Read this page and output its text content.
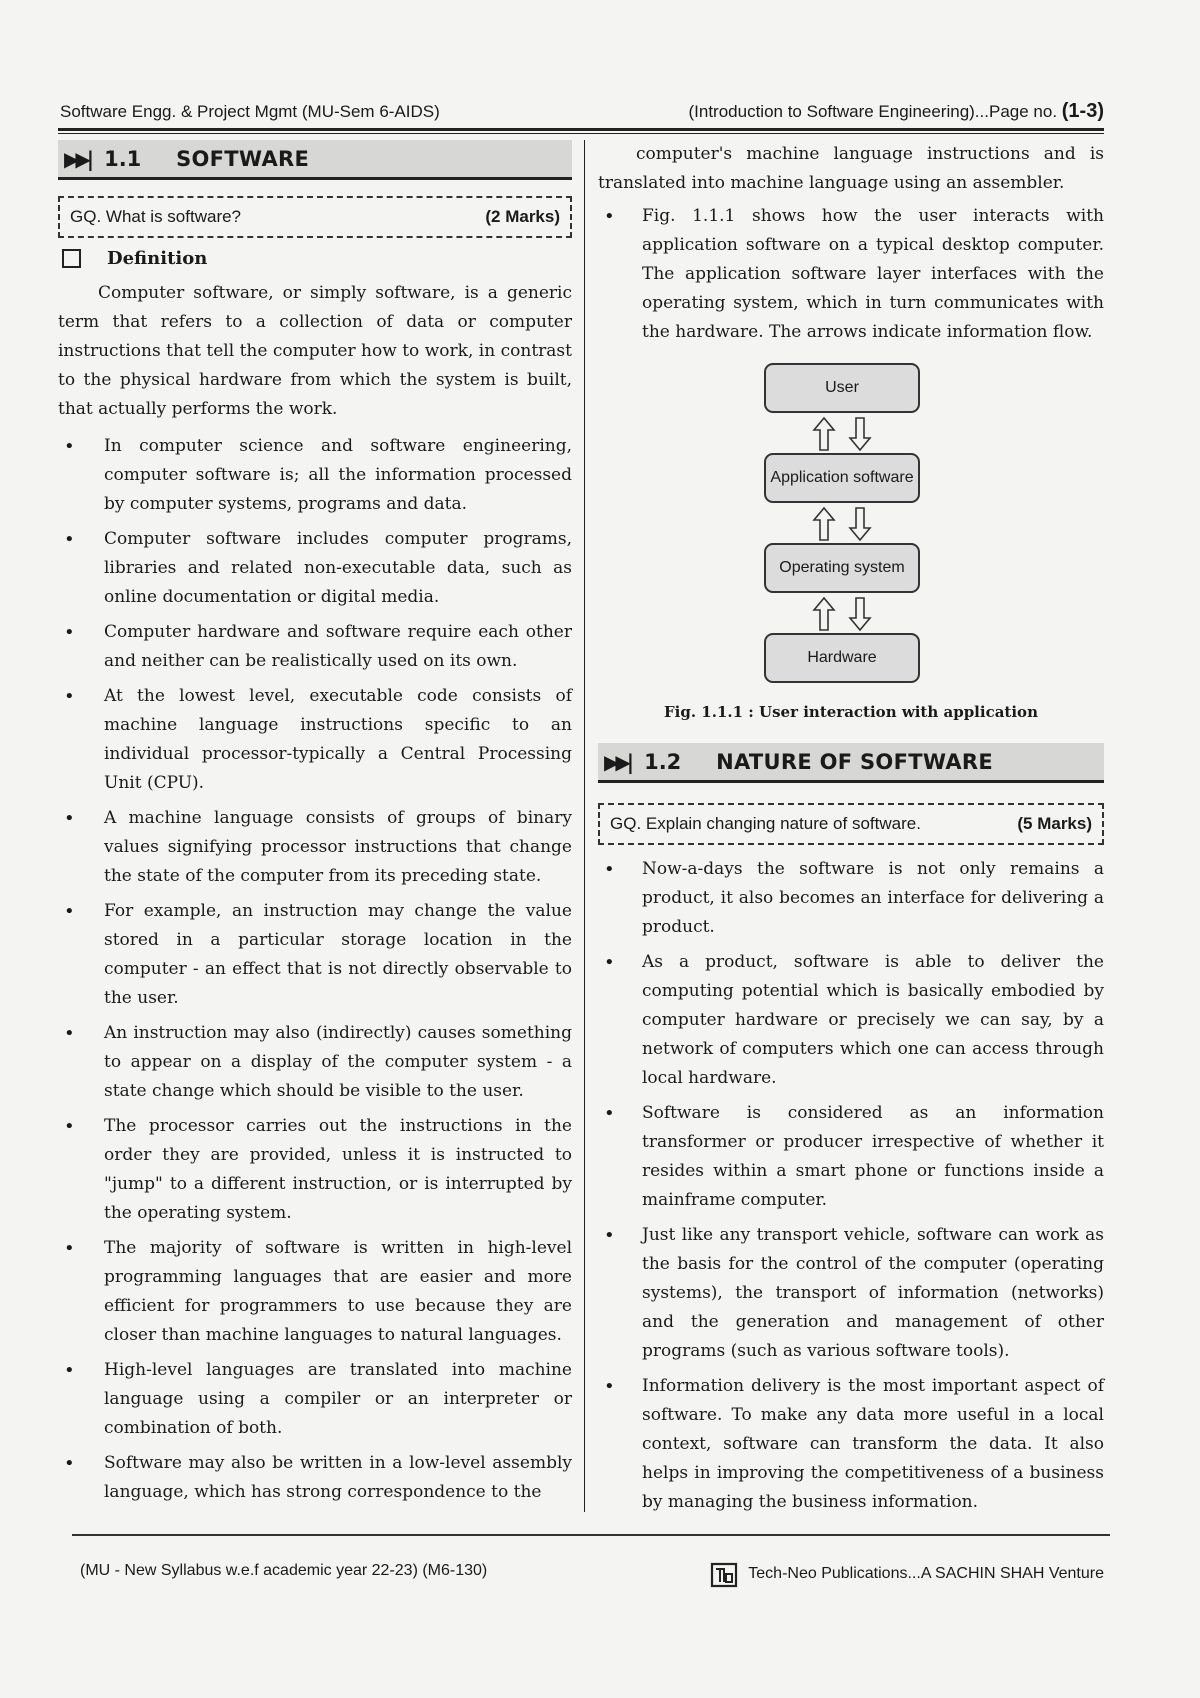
Software Engg. & Project Mgmt (MU-Sem 6-AIDS)	(Introduction to Software Engineering)...Page no. (1-3)
▶▶| 1.1	SOFTWARE
GQ. What is software?	(2 Marks)
Definition

Computer software, or simply software, is a generic term that refers to a collection of data or computer instructions that tell the computer how to work, in contrast to the physical hardware from which the system is built, that actually performs the work.

• In computer science and software engineering, computer software is; all the information processed by computer systems, programs and data.
• Computer software includes computer programs, libraries and related non-executable data, such as online documentation or digital media.
• Computer hardware and software require each other and neither can be realistically used on its own.
• At the lowest level, executable code consists of machine language instructions specific to an individual processor-typically a Central Processing Unit (CPU).
• A machine language consists of groups of binary values signifying processor instructions that change the state of the computer from its preceding state.
• For example, an instruction may change the value stored in a particular storage location in the computer - an effect that is not directly observable to the user.
• An instruction may also (indirectly) causes something to appear on a display of the computer system - a state change which should be visible to the user.
• The processor carries out the instructions in the order they are provided, unless it is instructed to "jump" to a different instruction, or is interrupted by the operating system.
• The majority of software is written in high-level programming languages that are easier and more efficient for programmers to use because they are closer than machine languages to natural languages.
• High-level languages are translated into machine language using a compiler or an interpreter or combination of both.
• Software may also be written in a low-level assembly language, which has strong correspondence to the

computer's machine language instructions and is translated into machine language using an assembler.

• Fig. 1.1.1 shows how the user interacts with application software on a typical desktop computer. The application software layer interfaces with the operating system, which in turn communicates with the hardware. The arrows indicate information flow.
User
Application software
Operating system
Hardware
Fig. 1.1.1 : User interaction with application
▶▶| 1.2	NATURE OF SOFTWARE
GQ. Explain changing nature of software.	(5 Marks)
• Now-a-days the software is not only remains a product, it also becomes an interface for delivering a product.
• As a product, software is able to deliver the computing potential which is basically embodied by computer hardware or precisely we can say, by a network of computers which one can access through local hardware.
• Software is considered as an information transformer or producer irrespective of whether it resides within a smart phone or functions inside a mainframe computer.
• Just like any transport vehicle, software can work as the basis for the control of the computer (operating systems), the transport of information (networks) and the generation and management of other programs (such as various software tools).
• Information delivery is the most important aspect of software. To make any data more useful in a local context, software can transform the data. It also helps in improving the competitiveness of a business by managing the business information.
(MU - New Syllabus w.e.f academic year 22-23) (M6-130)	Tech-Neo Publications...A SACHIN SHAH Venture
